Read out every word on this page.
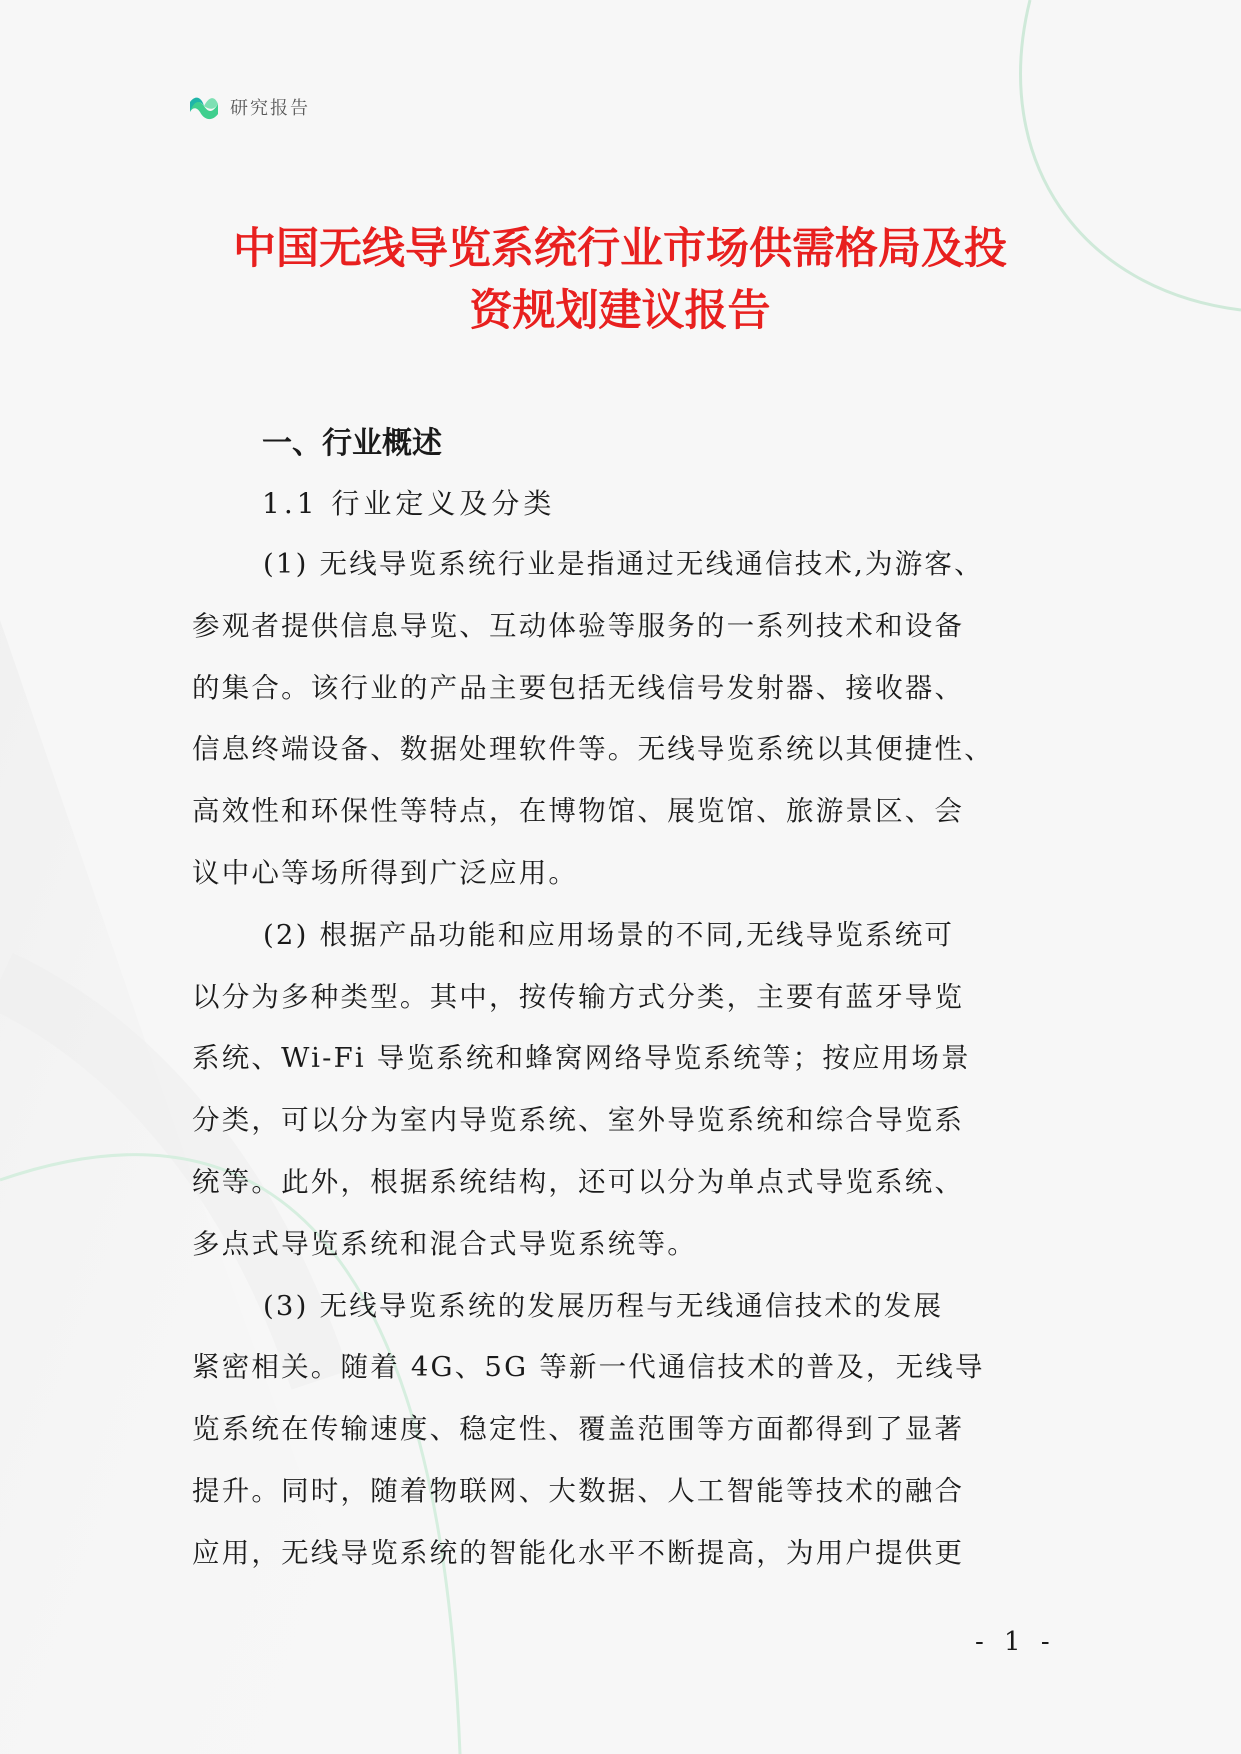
研究报告
中国无线导览系统行业市场供需格局及投
资规划建议报告
一、行业概述
1.1 行业定义及分类
(1) 无线导览系统行业是指通过无线通信技术,为游客、
参观者提供信息导览、互动体验等服务的一系列技术和设备
的集合。该行业的产品主要包括无线信号发射器、接收器、
信息终端设备、数据处理软件等。无线导览系统以其便捷性、
高效性和环保性等特点，在博物馆、展览馆、旅游景区、会
议中心等场所得到广泛应用。
(2) 根据产品功能和应用场景的不同,无线导览系统可
以分为多种类型。其中，按传输方式分类，主要有蓝牙导览
系统、Wi-Fi 导览系统和蜂窝网络导览系统等；按应用场景
分类，可以分为室内导览系统、室外导览系统和综合导览系
统等。此外，根据系统结构，还可以分为单点式导览系统、
多点式导览系统和混合式导览系统等。
(3) 无线导览系统的发展历程与无线通信技术的发展
紧密相关。随着 4G、5G 等新一代通信技术的普及，无线导
览系统在传输速度、稳定性、覆盖范围等方面都得到了显著
提升。同时，随着物联网、大数据、人工智能等技术的融合
应用，无线导览系统的智能化水平不断提高，为用户提供更
- 1 -
